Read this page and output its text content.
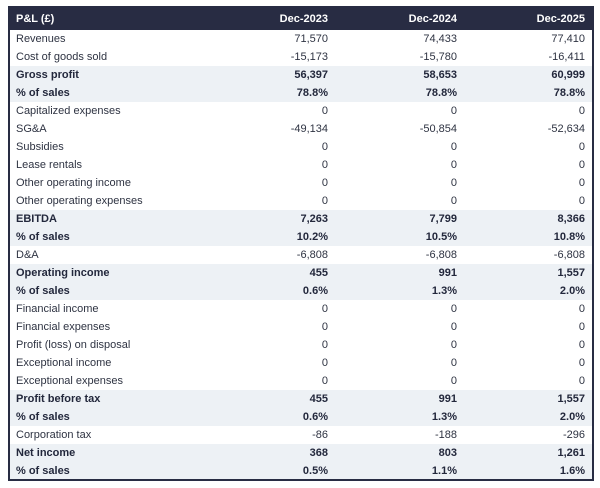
P&L (£)	Dec-2023	Dec-2024	Dec-2025
Revenues	71,570	74,433	77,410
Cost of goods sold	-15,173	-15,780	-16,411
Gross profit	56,397	58,653	60,999
% of sales	78.8%	78.8%	78.8%
Capitalized expenses	0	0	0
SG&A	-49,134	-50,854	-52,634
Subsidies	0	0	0
Lease rentals	0	0	0
Other operating income	0	0	0
Other operating expenses	0	0	0
EBITDA	7,263	7,799	8,366
% of sales	10.2%	10.5%	10.8%
D&A	-6,808	-6,808	-6,808
Operating income	455	991	1,557
% of sales	0.6%	1.3%	2.0%
Financial income	0	0	0
Financial expenses	0	0	0
Profit (loss) on disposal	0	0	0
Exceptional income	0	0	0
Exceptional expenses	0	0	0
Profit before tax	455	991	1,557
% of sales	0.6%	1.3%	2.0%
Corporation tax	-86	-188	-296
Net income	368	803	1,261
% of sales	0.5%	1.1%	1.6%
